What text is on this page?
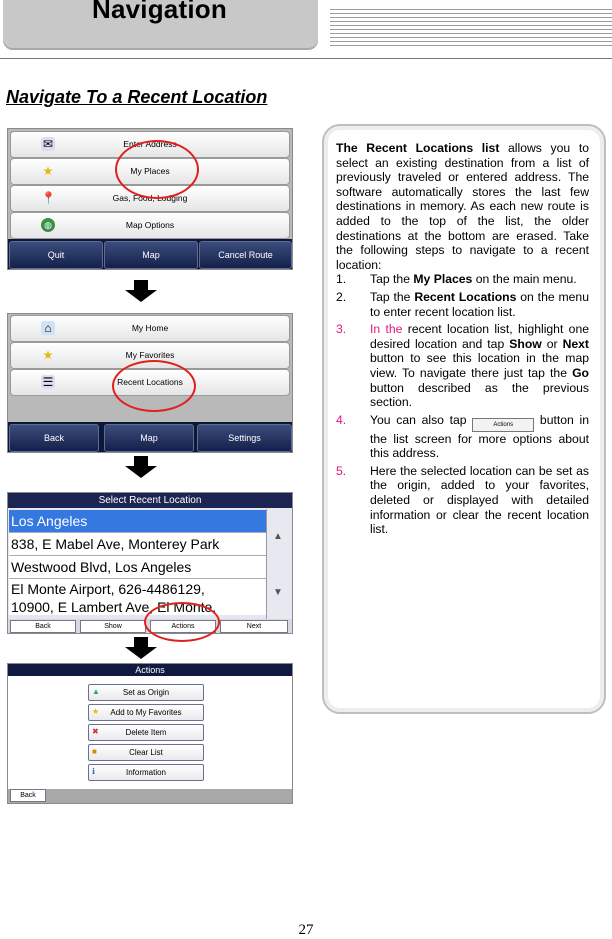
Navigation
Navigate To a Recent Location
✉	Enter Address
★	My Places
📍	Gas, Food, Lodging
◍	Map Options
Quit	Map	Cancel Route
⌂	My Home
★	My Favorites
☰	Recent Locations
Back	Map	Settings
Select Recent Location
Los Angeles
838, E Mabel Ave, Monterey Park
Westwood Blvd, Los Angeles
El Monte Airport, 626-4486129,
10900, E Lambert Ave, El Monte,
▲
▼
Back	Show	Actions	Next
Actions
▲	Set as Origin
★ Add to My Favorites
✖	Delete Item
■	Clear List
ℹ	Information
Back

The Recent Locations list allows you to select an existing destination from a list of previously traveled or entered address. The software automatically stores the last few destinations in memory. As each new route is added to the top of the list, the older destinations at the bottom are erased. Take the following steps to navigate to a recent location:

1. Tap the My Places on the main menu.
2. Tap the Recent Locations on the menu to enter recent location list.
3. In the recent location list, highlight one desired location and tap Show or Next button to see this location in the map view. To navigate there just tap the Go button described as the previous section.
4. You can also tap	Actions button in the list screen for more options about this address.
5. Here the selected location can be set as the origin, added to your favorites, deleted or displayed with detailed information or clear the recent location list.
27
